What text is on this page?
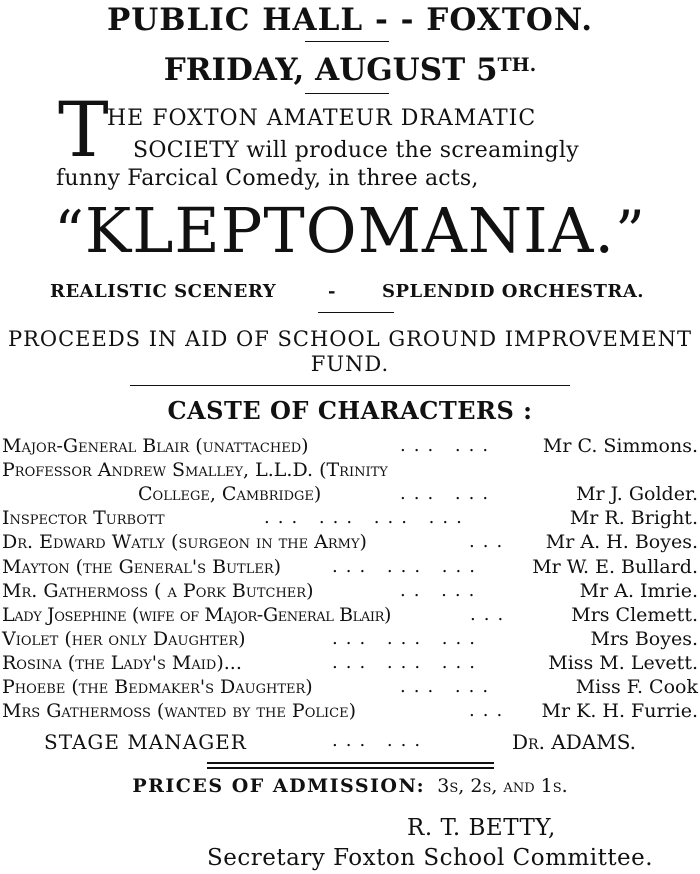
PUBLIC HALL - - FOXTON.
FRIDAY, AUGUST $5^{TH.}$
T
HE FOXTON AMATEUR DRAMATIC
SOCIETY will produce the screamingly
funny Farcical Comedy, in three acts,
“KLEPTOMANIA.”
REALISTIC SCENERY	-	SPLENDID ORCHESTRA.
PROCEEDS IN AID OF SCHOOL GROUND IMPROVEMENT
FUND.
CASTE OF CHARACTERS :
Major-General Blair (unattached)	... ... Mr C. Simmons.
Professor Andrew Smalley, L.L.D. (Trinity
College, Cambridge)	... ...	Mr J. Golder.
Inspector Turbott	... ... ... ...	Mr R. Bright.
Dr. Edward Watly (surgeon in the Army)	... Mr A. H. Boyes.
Mayton (the General's Butler)	... ... ...	Mr W. E. Bullard.
Mr. Gathermoss ( a Pork Butcher)	.. ...	Mr A. Imrie.
Lady Josephine (wife of Major-General Blair)	...	Mrs Clemett.
Violet (her only Daughter)	... ... ...	Mrs Boyes.
Rosina (the Lady's Maid)...	... ... ...	Miss M. Levett.
Phoebe (the Bedmaker's Daughter)	... ...	Miss F. Cook
Mrs Gathermoss (wanted by the Police)	... Mr K. H. Furrie.
STAGE MANAGER	... ...	Dr. ADAMS.
PRICES OF ADMISSION: 3s, 2s, and 1s.
R. T. BETTY,
Secretary Foxton School Committee.
